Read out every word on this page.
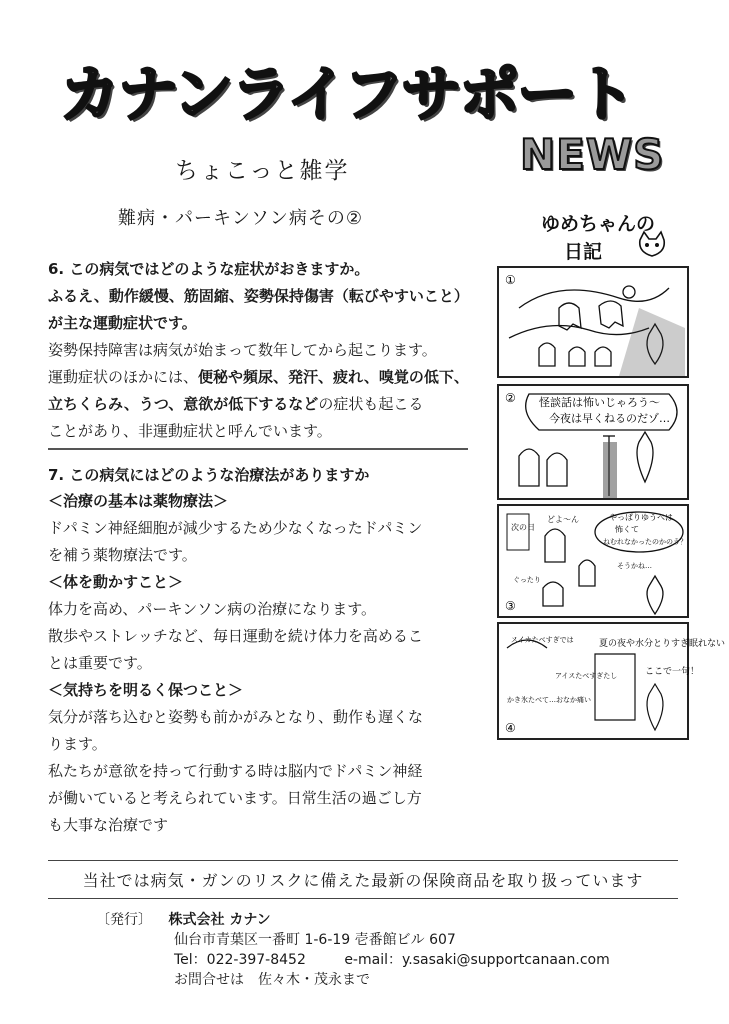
カナンライフサポート
NEWS
ちょこっと雑学
難病・パーキンソン病その②
6. この病気ではどのような症状がおきますか。

ふるえ、動作緩慢、筋固縮、姿勢保持傷害（転びやすいこと）

が主な運動症状です。

姿勢保持障害は病気が始まって数年してから起こります。

運動症状のほかには、便秘や頻尿、発汗、疲れ、嗅覚の低下、

立ちくらみ、うつ、意欲が低下するなどの症状も起こる

ことがあり、非運動症状と呼んでいます。

7. この病気にはどのような治療法がありますか

＜治療の基本は薬物療法＞

ドパミン神経細胞が減少するため少なくなったドパミン

を補う薬物療法です。

＜体を動かすこと＞

体力を高め、パーキンソン病の治療になります。

散歩やストレッチなど、毎日運動を続け体力を高めるこ

とは重要です。

＜気持ちを明るく保つこと＞

気分が落ち込むと姿勢も前かがみとなり、動作も遅くな

ります。

私たちが意欲を持って行動する時は脳内でドパミン神経

が働いていると考えられています。日常生活の過ごし方

も大事な治療です

ゆめちゃんの
日記
①
② 怪談話は怖いじゃろう〜
今夜は早くねるのだゾ…
次の日
どよ〜ん	やっぱりゆうべは
怖くて
ねむれなかったのかのう？
そうかね…
③
ぐったり
スイカたべすぎでは
アイスたべすぎたし
かき氷たべて…おなか痛い
夏の夜や水分とりすぎ眠れない
ここで一句！
④
当社では病気・ガンのリスクに備えた最新の保険商品を取り扱っています
〔発行〕 株式会社 カナン
仙台市青葉区一番町 1-6-19 壱番館ビル 607
Tel：022-397-8452	e-mail：y.sasaki@supportcanaan.com
お問合せは　佐々木・茂永まで
